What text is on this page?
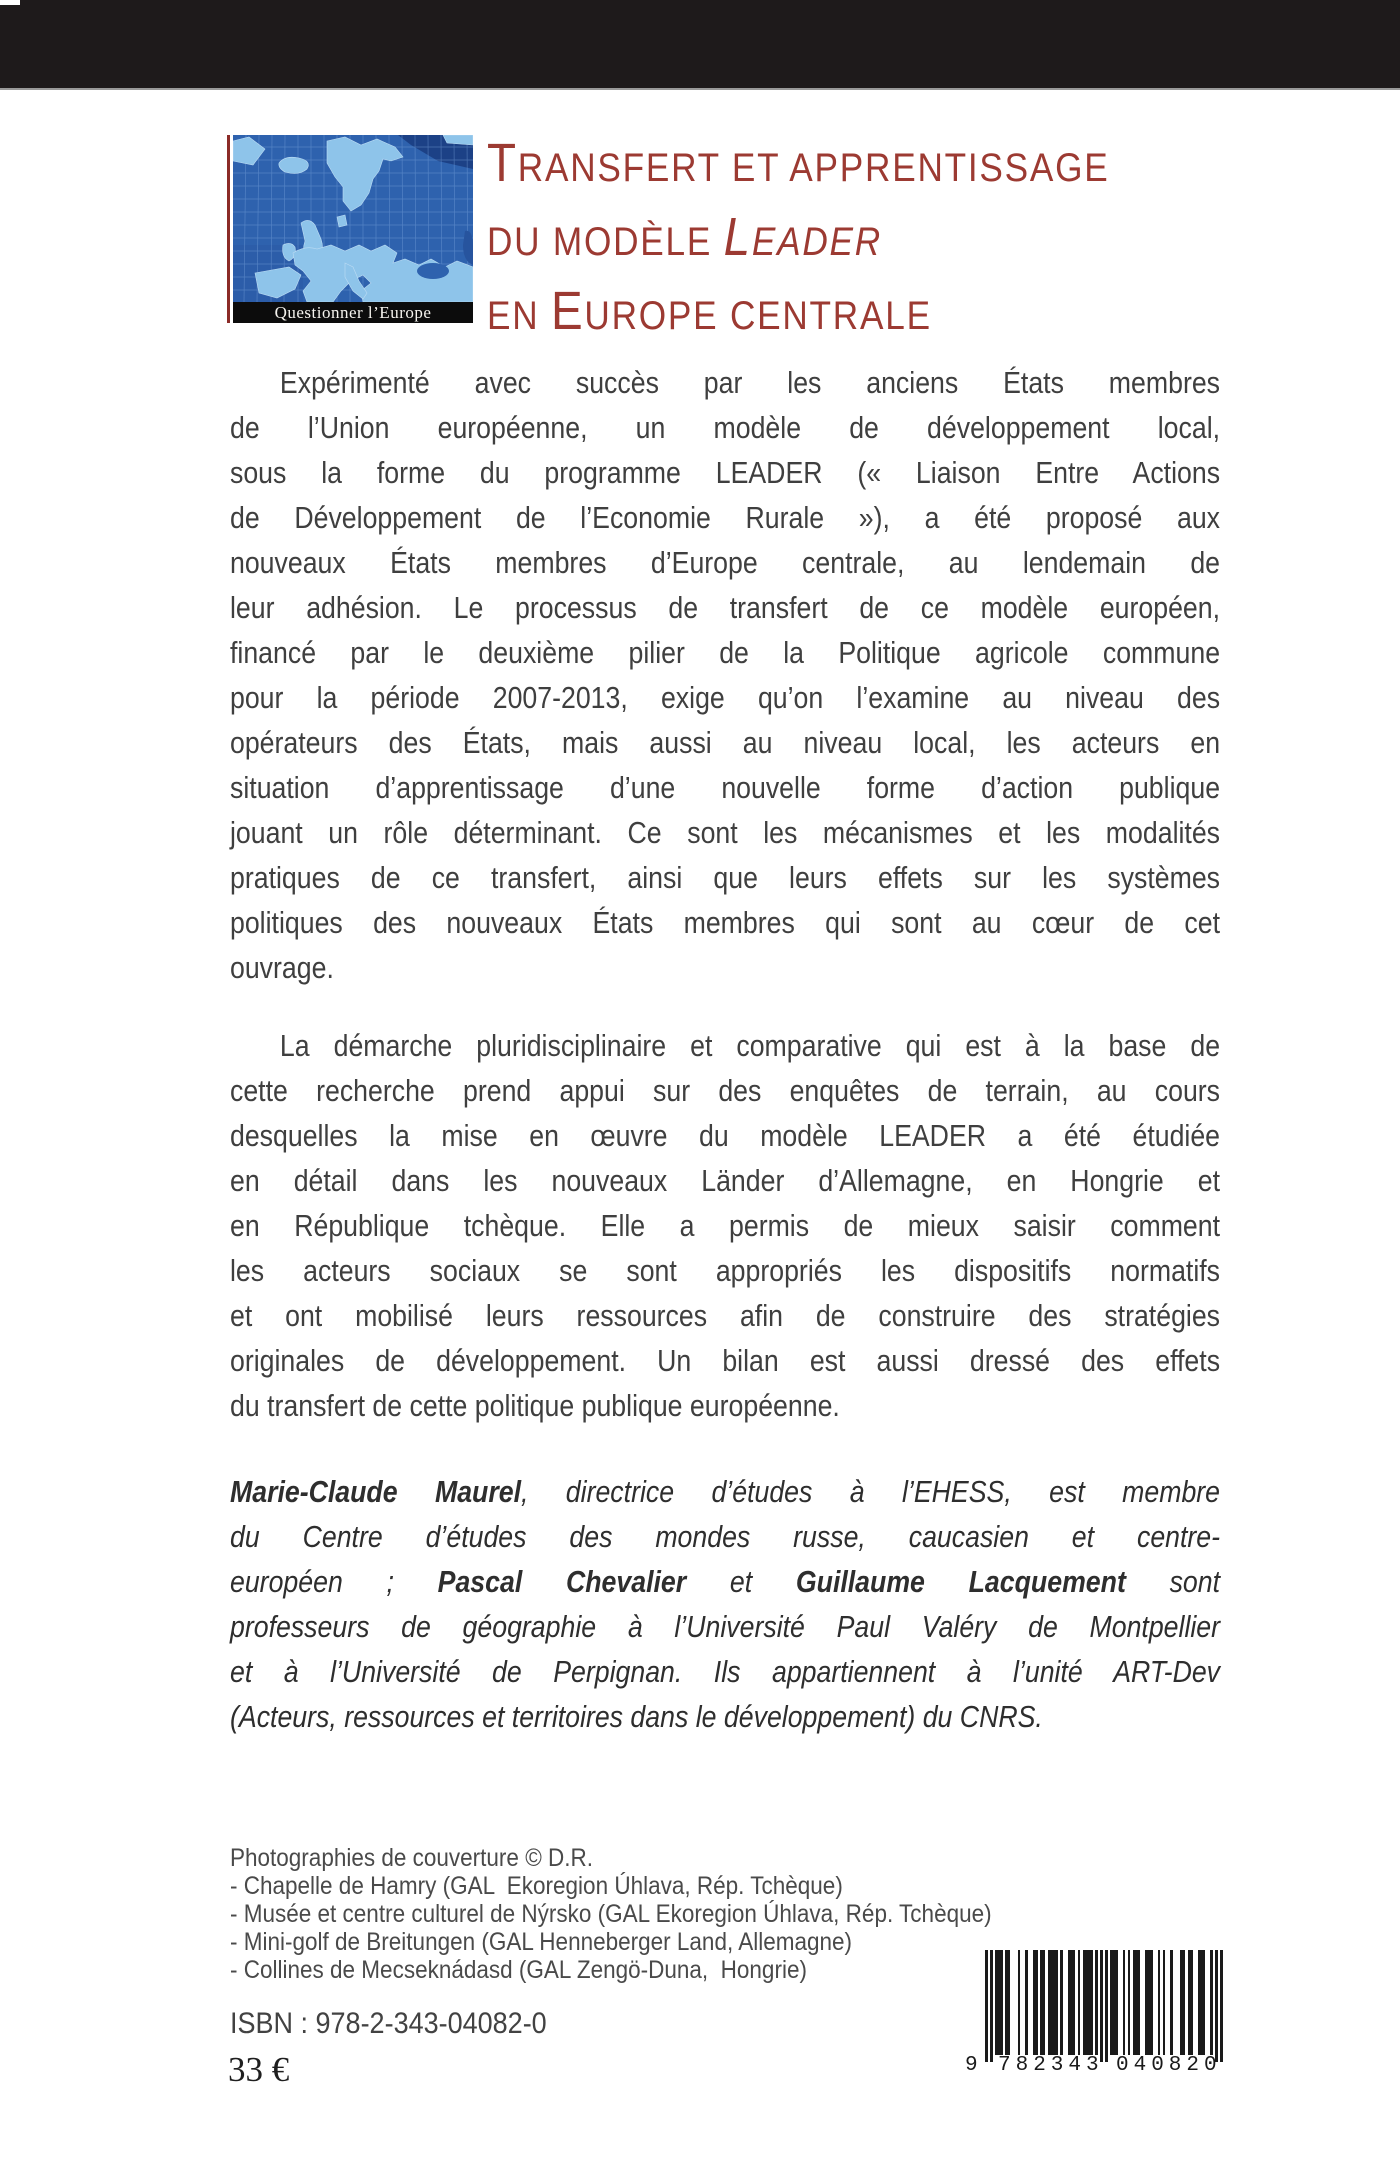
Questionner l’Europe
TRANSFERT ET APPRENTISSAGE
DU MODÈLE LEADER
EN EUROPE CENTRALE
Expérimenté avec succès par les anciens États membres
de l’Union européenne, un modèle de développement local,
sous la forme du programme LEADER (« Liaison Entre Actions
de Développement de l’Economie Rurale »), a été proposé aux
nouveaux États membres d’Europe centrale, au lendemain de
leur adhésion. Le processus de transfert de ce modèle européen,
financé par le deuxième pilier de la Politique agricole commune
pour la période 2007-2013, exige qu’on l’examine au niveau des
opérateurs des États, mais aussi au niveau local, les acteurs en
situation d’apprentissage d’une nouvelle forme d’action publique
jouant un rôle déterminant. Ce sont les mécanismes et les modalités
pratiques de ce transfert, ainsi que leurs effets sur les systèmes
politiques des nouveaux États membres qui sont au cœur de cet
ouvrage.
La démarche pluridisciplinaire et comparative qui est à la base de
cette recherche prend appui sur des enquêtes de terrain, au cours
desquelles la mise en œuvre du modèle LEADER a été étudiée
en détail dans les nouveaux Länder d’Allemagne, en Hongrie et
en République tchèque. Elle a permis de mieux saisir comment
les acteurs sociaux se sont appropriés les dispositifs normatifs
et ont mobilisé leurs ressources afin de construire des stratégies
originales de développement. Un bilan est aussi dressé des effets
du transfert de cette politique publique européenne.
Marie-Claude Maurel, directrice d’études à l’EHESS, est membre
du Centre d’études des mondes russe, caucasien et centre-
européen ; Pascal Chevalier et Guillaume Lacquement sont
professeurs de géographie à l’Université Paul Valéry de Montpellier
et à l’Université de Perpignan. Ils appartiennent à l’unité ART-Dev
(Acteurs, ressources et territoires dans le développement) du CNRS.
Photographies de couverture © D.R.
- Chapelle de Hamry (GAL  Ekoregion Úhlava, Rép. Tchèque)
- Musée et centre culturel de Nýrsko (GAL Ekoregion Úhlava, Rép. Tchèque)
- Mini-golf de Breitungen (GAL Henneberger Land, Allemagne)
- Collines de Mecseknádasd (GAL Zengö-Duna,  Hongrie)
ISBN : 978-2-343-04082-0
33 €	9 782343 040820
